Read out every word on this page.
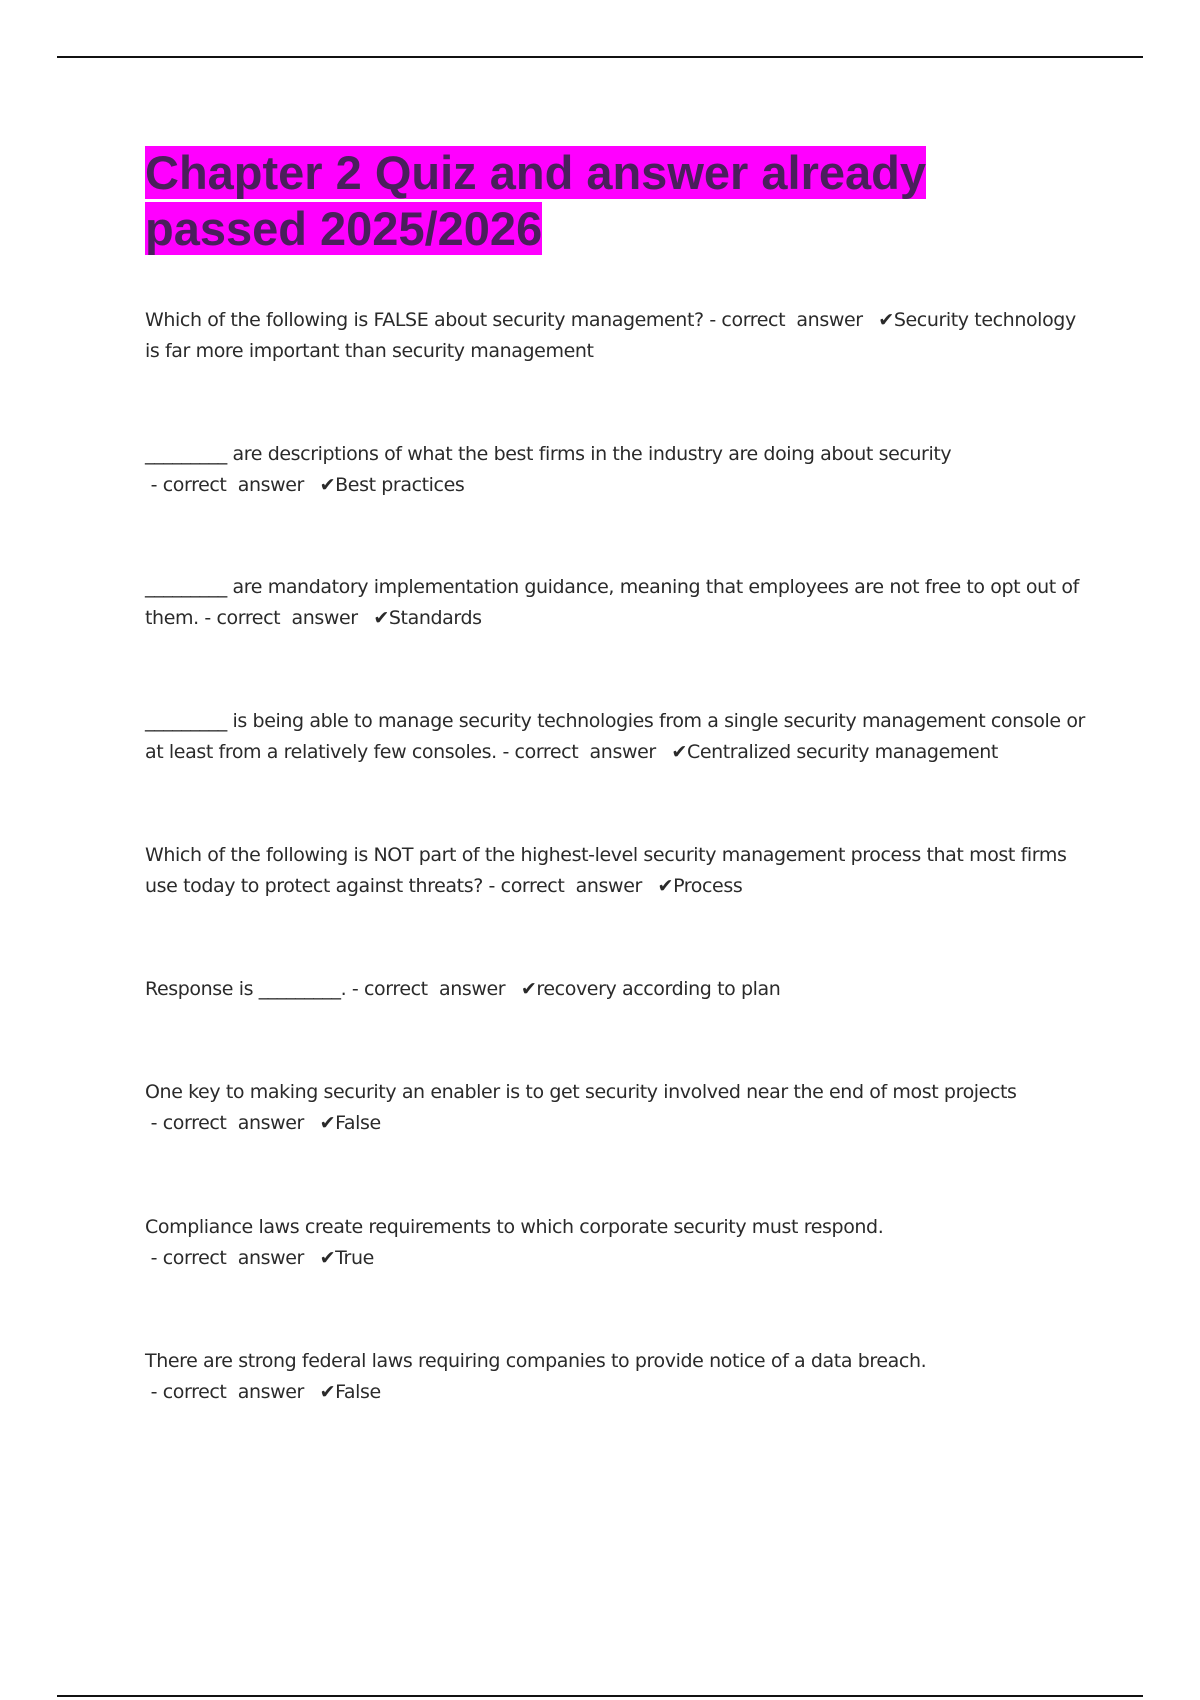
Chapter 2 Quiz and answer already passed 2025/2026
Which of the following is FALSE about security management? - correct  answer ✔Security technology is far more important than security management
_________ are descriptions of what the best firms in the industry are doing about security - correct  answer ✔Best practices
_________ are mandatory implementation guidance, meaning that employees are not free to opt out of them. - correct  answer ✔Standards
_________ is being able to manage security technologies from a single security management console or at least from a relatively few consoles. - correct  answer ✔Centralized security management
Which of the following is NOT part of the highest-level security management process that most firms use today to protect against threats? - correct  answer ✔Process
Response is _________. - correct  answer ✔recovery according to plan
One key to making security an enabler is to get security involved near the end of most projects - correct  answer ✔False
Compliance laws create requirements to which corporate security must respond. - correct  answer ✔True
There are strong federal laws requiring companies to provide notice of a data breach. - correct  answer ✔False
